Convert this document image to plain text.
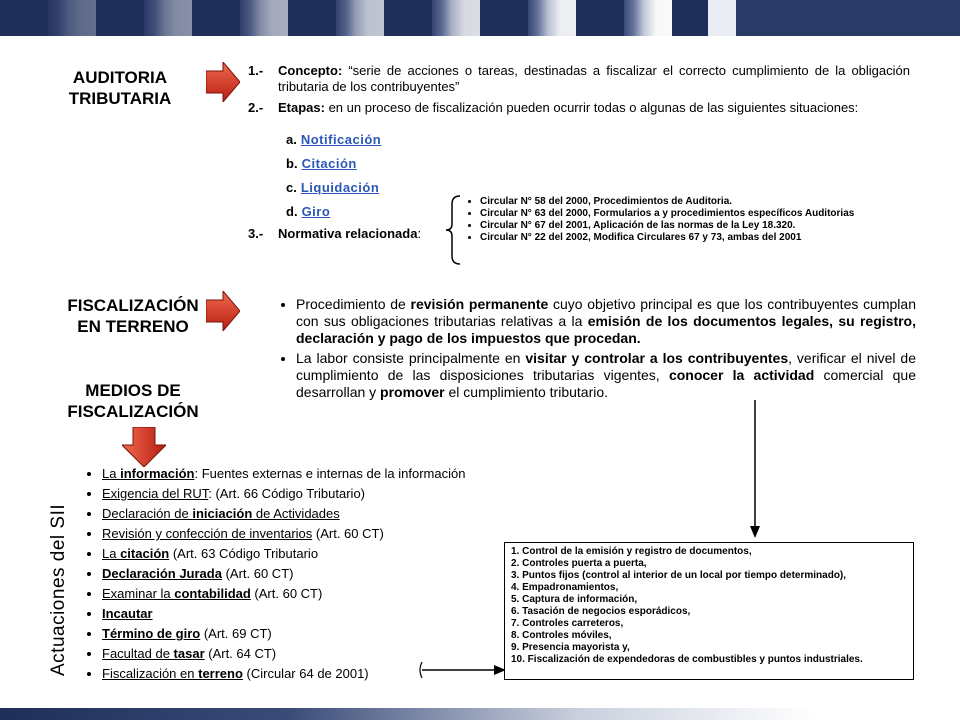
AUDITORIA
TRIBUTARIA
1.-	Concepto: “serie de acciones o tareas, destinadas a fiscalizar el correcto cumplimiento de la obligación tributaria de los contribuyentes”
2.-	Etapas: en un proceso de fiscalización pueden ocurrir todas o algunas de las siguientes situaciones:
a. Notificación
b. Citación
c. Liquidación
d. Giro
3.- Normativa relacionada:
• Circular N° 58 del 2000, Procedimientos de Auditoria.
• Circular N° 63 del 2000, Formularios a y procedimientos específicos Auditorias
• Circular N° 67 del 2001, Aplicación de las normas de la Ley 18.320.
• Circular N° 22 del 2002, Modifica Circulares 67 y 73, ambas del 2001
FISCALIZACIÓN
EN TERRENO
• Procedimiento de revisión permanente cuyo objetivo principal es que los contribuyentes cumplan con sus obligaciones tributarias relativas a la emisión de los documentos legales, su registro, declaración y pago de los impuestos que procedan.
• La labor consiste principalmente en visitar y controlar a los contribuyentes, verificar el nivel de cumplimiento de las disposiciones tributarias vigentes, conocer la actividad comercial que desarrollan y promover el cumplimiento tributario.
MEDIOS DE
FISCALIZACIÓN
Actuaciones del SII
• La información: Fuentes externas e internas de la información
• Exigencia del RUT: (Art. 66 Código Tributario)
• Declaración de iniciación de Actividades
• Revisión y confección de inventarios (Art. 60 CT)
• La citación (Art. 63 Código Tributario
• Declaración Jurada (Art. 60 CT)
• Examinar la contabilidad (Art. 60 CT)
• Incautar
• Término de giro (Art. 69 CT)
• Facultad de tasar (Art. 64 CT)
• Fiscalización en terreno (Circular 64 de 2001)
1. Control de la emisión y registro de documentos,
2. Controles puerta a puerta,
3. Puntos fijos (control al interior de un local por tiempo determinado),
4. Empadronamientos,
5. Captura de información,
6. Tasación de negocios esporádicos,
7. Controles carreteros,
8. Controles móviles,
9. Presencia mayorista y,
10. Fiscalización de expendedoras de combustibles y puntos industriales.
